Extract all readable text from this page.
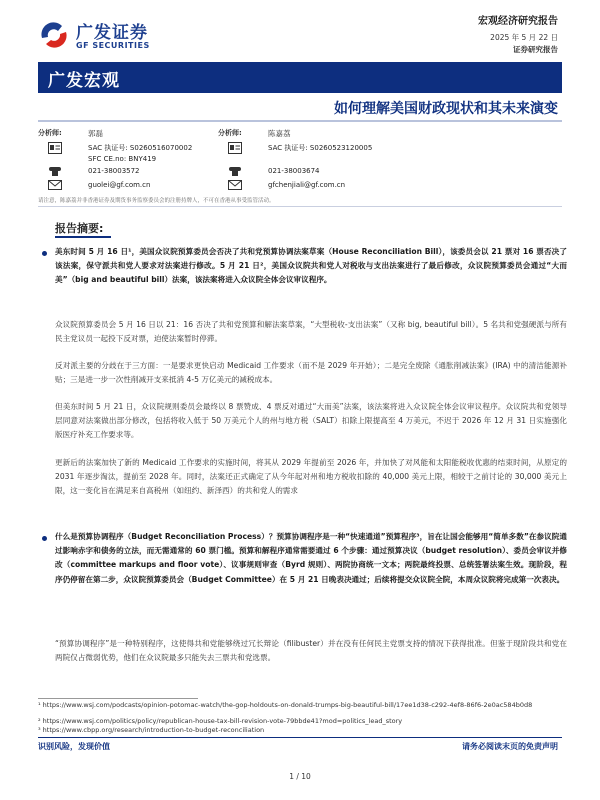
广发证券
GF SECURITIES
宏观经济研究报告
2025 年 5 月 22 日
证券研究报告
广发宏观
如何理解美国财政现状和其未来演变
分析师:	郭磊
SAC 执证号: S0260516070002
SFC CE.no: BNY419
021-38003572
guolei@gf.com.cn
分析师:	陈嘉荔
SAC 执证号: S0260523120005
021-38003674
gfchenjiali@gf.com.cn
请注意，陈嘉荔并非香港证券及期货事务监察委员会的注册持牌人，不可在香港从事受监管活动。
报告摘要:

美东时间 5 月 16 日¹，美国众议院预算委员会否决了共和党预算协调法案草案（House Reconciliation Bill），该委员会以 21 票对 16 票否决了该法案，保守派共和党人要求对法案进行修改。5 月 21 日²，美国众议院共和党人对税收与支出法案进行了最后修改，众议院预算委员会通过“大而美”（big and beautiful bill）法案，该法案将进入众议院全体会议审议程序。

众议院预算委员会 5 月 16 日以 21：16 否决了共和党预算和解法案草案，“大型税收-支出法案”（又称 big, beautiful bill）。5 名共和党强硬派与所有民主党议员一起投下反对票，迫使法案暂时停滞。

反对派主要的分歧在于三方面：一是要求更快启动 Medicaid 工作要求（而不是 2029 年开始）；二是完全废除《通胀削减法案》(IRA) 中的清洁能源补贴；三是进一步一次性削减开支来抵消 4-5 万亿美元的减税成本。

但美东时间 5 月 21 日，众议院规则委员会最终以 8 票赞成、4 票反对通过“大而美”法案，该法案将进入众议院全体会议审议程序。众议院共和党领导层同意对法案做出部分修改，包括将收入低于 50 万美元个人的州与地方税（SALT）扣除上限提高至 4 万美元，不迟于 2026 年 12 月 31 日实施强化版医疗补充工作要求等。

更新后的法案加快了新的 Medicaid 工作要求的实施时间，将其从 2029 年提前至 2026 年，并加快了对风能和太阳能税收优惠的结束时间，从原定的 2031 年逐步淘汰，提前至 2028 年。同时，法案还正式确定了从今年起对州和地方税收扣除的 40,000 美元上限，相较于之前讨论的 30,000 美元上限，这一变化旨在满足来自高税州（如纽约、新泽西）的共和党人的需求

什么是预算协调程序（Budget Reconciliation Process）？预算协调程序是一种“快速通道”预算程序³，旨在让国会能够用“简单多数”在参议院通过影响赤字和债务的立法，而无需通常的 60 票门槛。预算和解程序通常需要通过 6 个步骤：通过预算决议（budget resolution）、委员会审议并修改（committee markups and floor vote）、议事规则审查（Byrd 规则）、两院协商统一文本；两院最终投票、总统签署法案生效。现阶段，程序仍停留在第二步，众议院预算委员会（Budget Committee）在 5 月 21 日晚表决通过；后续将提交众议院全院，本周众议院将完成第一次表决。

“预算协调程序”是一种特别程序，这使得共和党能够绕过冗长辩论（filibuster）并在没有任何民主党票支持的情况下获得批准。但鉴于现阶段共和党在两院仅占微弱优势，他们在众议院最多只能失去三票共和党选票。

¹ https://www.wsj.com/podcasts/opinion-potomac-watch/the-gop-holdouts-on-donald-trumps-big-beautiful-bill/17ee1d38-c292-4ef8-86f6-2e0ac584b0d8

² https://www.wsj.com/politics/policy/republican-house-tax-bill-revision-vote-79bbde41?mod=politics_lead_story

³ https://www.cbpp.org/research/introduction-to-budget-reconciliation

识别风险，发现价值	请务必阅读末页的免责声明
1 / 10
